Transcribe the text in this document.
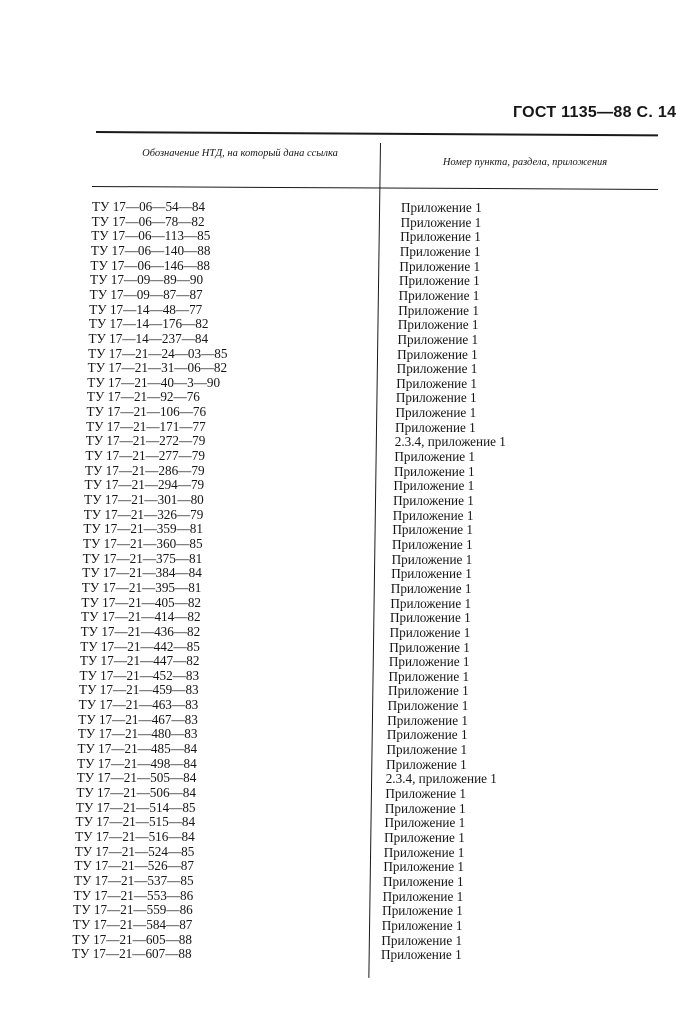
ГОСТ 1135—88 С. 14
Обозначение НТД, на который дана ссылка
Номер пункта, раздела, приложения
ТУ 17—06—54—84	Приложение 1
ТУ 17—06—78—82	Приложение 1
ТУ 17—06—113—85	Приложение 1
ТУ 17—06—140—88	Приложение 1
ТУ 17—06—146—88	Приложение 1
ТУ 17—09—89—90	Приложение 1
ТУ 17—09—87—87	Приложение 1
ТУ 17—14—48—77	Приложение 1
ТУ 17—14—176—82	Приложение 1
ТУ 17—14—237—84	Приложение 1
ТУ 17—21—24—03—85	Приложение 1
ТУ 17—21—31—06—82	Приложение 1
ТУ 17—21—40—3—90	Приложение 1
ТУ 17—21—92—76	Приложение 1
ТУ 17—21—106—76	Приложение 1
ТУ 17—21—171—77	Приложение 1
ТУ 17—21—272—79	2.3.4, приложение 1
ТУ 17—21—277—79	Приложение 1
ТУ 17—21—286—79	Приложение 1
ТУ 17—21—294—79	Приложение 1
ТУ 17—21—301—80	Приложение 1
ТУ 17—21—326—79	Приложение 1
ТУ 17—21—359—81	Приложение 1
ТУ 17—21—360—85	Приложение 1
ТУ 17—21—375—81	Приложение 1
ТУ 17—21—384—84	Приложение 1
ТУ 17—21—395—81	Приложение 1
ТУ 17—21—405—82	Приложение 1
ТУ 17—21—414—82	Приложение 1
ТУ 17—21—436—82	Приложение 1
ТУ 17—21—442—85	Приложение 1
ТУ 17—21—447—82	Приложение 1
ТУ 17—21—452—83	Приложение 1
ТУ 17—21—459—83	Приложение 1
ТУ 17—21—463—83	Приложение 1
ТУ 17—21—467—83	Приложение 1
ТУ 17—21—480—83	Приложение 1
ТУ 17—21—485—84	Приложение 1
ТУ 17—21—498—84	Приложение 1
ТУ 17—21—505—84	2.3.4, приложение 1
ТУ 17—21—506—84	Приложение 1
ТУ 17—21—514—85	Приложение 1
ТУ 17—21—515—84	Приложение 1
ТУ 17—21—516—84	Приложение 1
ТУ 17—21—524—85	Приложение 1
ТУ 17—21—526—87	Приложение 1
ТУ 17—21—537—85	Приложение 1
ТУ 17—21—553—86	Приложение 1
ТУ 17—21—559—86	Приложение 1
ТУ 17—21—584—87	Приложение 1
ТУ 17—21—605—88	Приложение 1
ТУ 17—21—607—88	Приложение 1
